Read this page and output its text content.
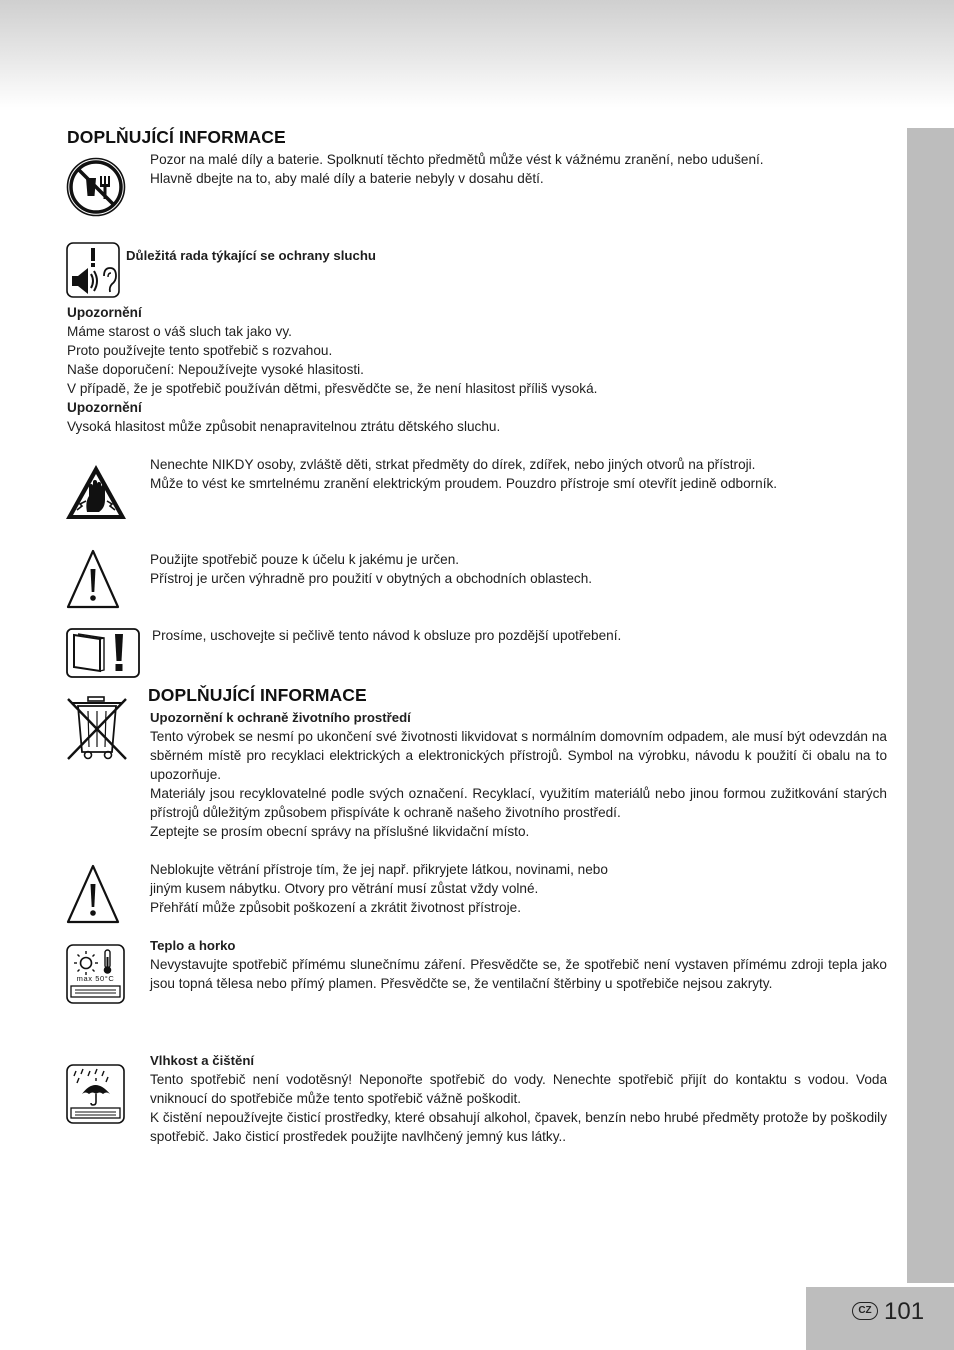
CZ 101
DOPLŇUJÍCÍ INFORMACE

Pozor na malé díly a baterie. Spolknutí těchto předmětů může vést k vážnému zranění, nebo udušení.

Hlavně dbejte na to, aby malé díly a baterie nebyly v dosahu dětí.

Důležitá rada týkající se ochrany sluchu

Upozornění

Máme starost o váš sluch tak jako vy.

Proto používejte tento spotřebič s rozvahou.

Naše doporučení: Nepoužívejte vysoké hlasitosti.

V případě, že je spotřebič používán dětmi, přesvědčte se, že není hlasitost příliš vysoká.

Upozornění

Vysoká hlasitost může způsobit nenapravitelnou ztrátu dětského sluchu.

Nenechte NIKDY osoby, zvláště děti, strkat předměty do dírek, zdířek, nebo jiných otvorů na přístroji.

Může to vést ke smrtelnému zranění elektrickým proudem. Pouzdro přístroje smí otevřít jedině odborník.

Použijte spotřebič pouze k účelu k jakému je určen.

Přístroj je určen výhradně pro použití v obytných a obchodních oblastech.

Prosíme, uschovejte si pečlivě tento návod k obsluze pro pozdější upotřebení.

DOPLŇUJÍCÍ INFORMACE

Upozornění k ochraně životního prostředí

Tento výrobek se nesmí po ukončení své životnosti likvidovat s normálním domovním odpadem, ale musí být odevzdán na sběrném místě pro recyklaci elektrických a elektronických přístrojů. Symbol na výrobku, návodu k použití či obalu na to upozorňuje.

Materiály jsou recyklovatelné podle svých označení. Recyklací, využitím materiálů nebo jinou formou zužitkování starých přístrojů důležitým způsobem přispíváte k ochraně našeho životního prostředí.

Zeptejte se prosím obecní správy na příslušné likvidační místo.

Neblokujte větrání přístroje tím, že jej např. přikryjete látkou, novinami, nebo

jiným kusem nábytku. Otvory pro větrání musí zůstat vždy volné.

Přehřátí může způsobit poškození a zkrátit životnost přístroje.

max 50°C

Teplo a horko

Nevystavujte spotřebič přímému slunečnímu záření. Přesvědčte se, že spotřebič není vystaven přímému zdroji tepla jako jsou topná tělesa nebo přímý plamen. Přesvědčte se, že ventilační štěrbiny u spotřebiče nejsou zakryty.

Vlhkost a čištění

Tento spotřebič není vodotěsný! Neponořte spotřebič do vody. Nenechte spotřebič přijít do kontaktu s vodou. Voda vniknoucí do spotřebiče může tento spotřebič vážně poškodit.

K čistění nepoužívejte čisticí prostředky, které obsahují alkohol, čpavek, benzín nebo hrubé předměty protože by poškodily spotřebič. Jako čisticí prostředek použijte navlhčený jemný kus látky..
